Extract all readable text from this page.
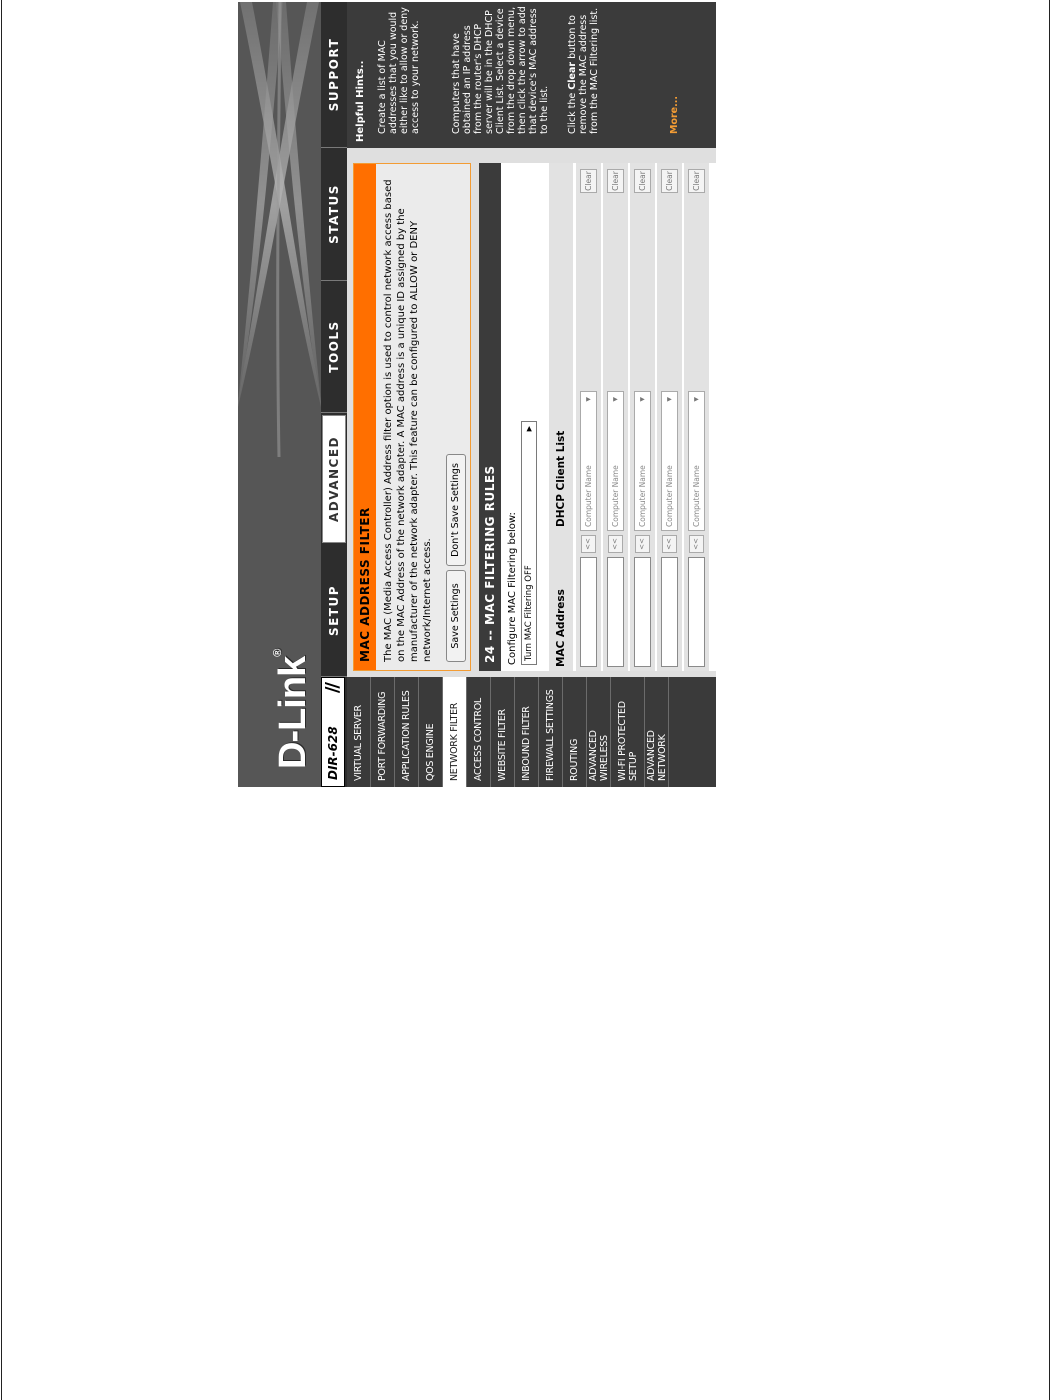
D-Link®
DIR-628
//
SETUP
ADVANCED
TOOLS
STATUS
SUPPORT
VIRTUAL SERVER	PORT FORWARDING	APPLICATION RULES	QOS ENGINE	NETWORK FILTER	ACCESS CONTROL	WEBSITE FILTER	INBOUND FILTER	FIREWALL SETTINGS	ROUTING ADVANCED WIRELESS WI-FI PROTECTED SETUP ADVANCED NETWORK
MAC ADDRESS FILTER	The MAC (Media Access Controller) Address filter option is used to control network access based on the MAC Address of the network adapter. A MAC address is a unique ID assigned by the manufacturer of the network adapter. This feature can be configured to ALLOW or DENY network/Internet access.	Save Settings
Don't Save Settings	24 -- MAC FILTERING RULES	Configure MAC Filtering below: Turn MAC Filtering OFF
▶
MAC Address
DHCP Client List
<<
Computer Name
▼
Clear
<<
Computer Name
▼
Clear
<<
Computer Name
▼
Clear
<<
Computer Name
▼
Clear
<<
Computer Name
▼
Clear
Helpful Hints.. Create a list of MAC addresses that you would either like to allow or deny access to your network.	Computers that have obtained an IP address from the router's DHCP server will be in the DHCP Client List. Select a device from the drop down menu, then click the arrow to add that device's MAC address to the list. Click the Clear button to remove the MAC address from the MAC Filtering list.	More...
